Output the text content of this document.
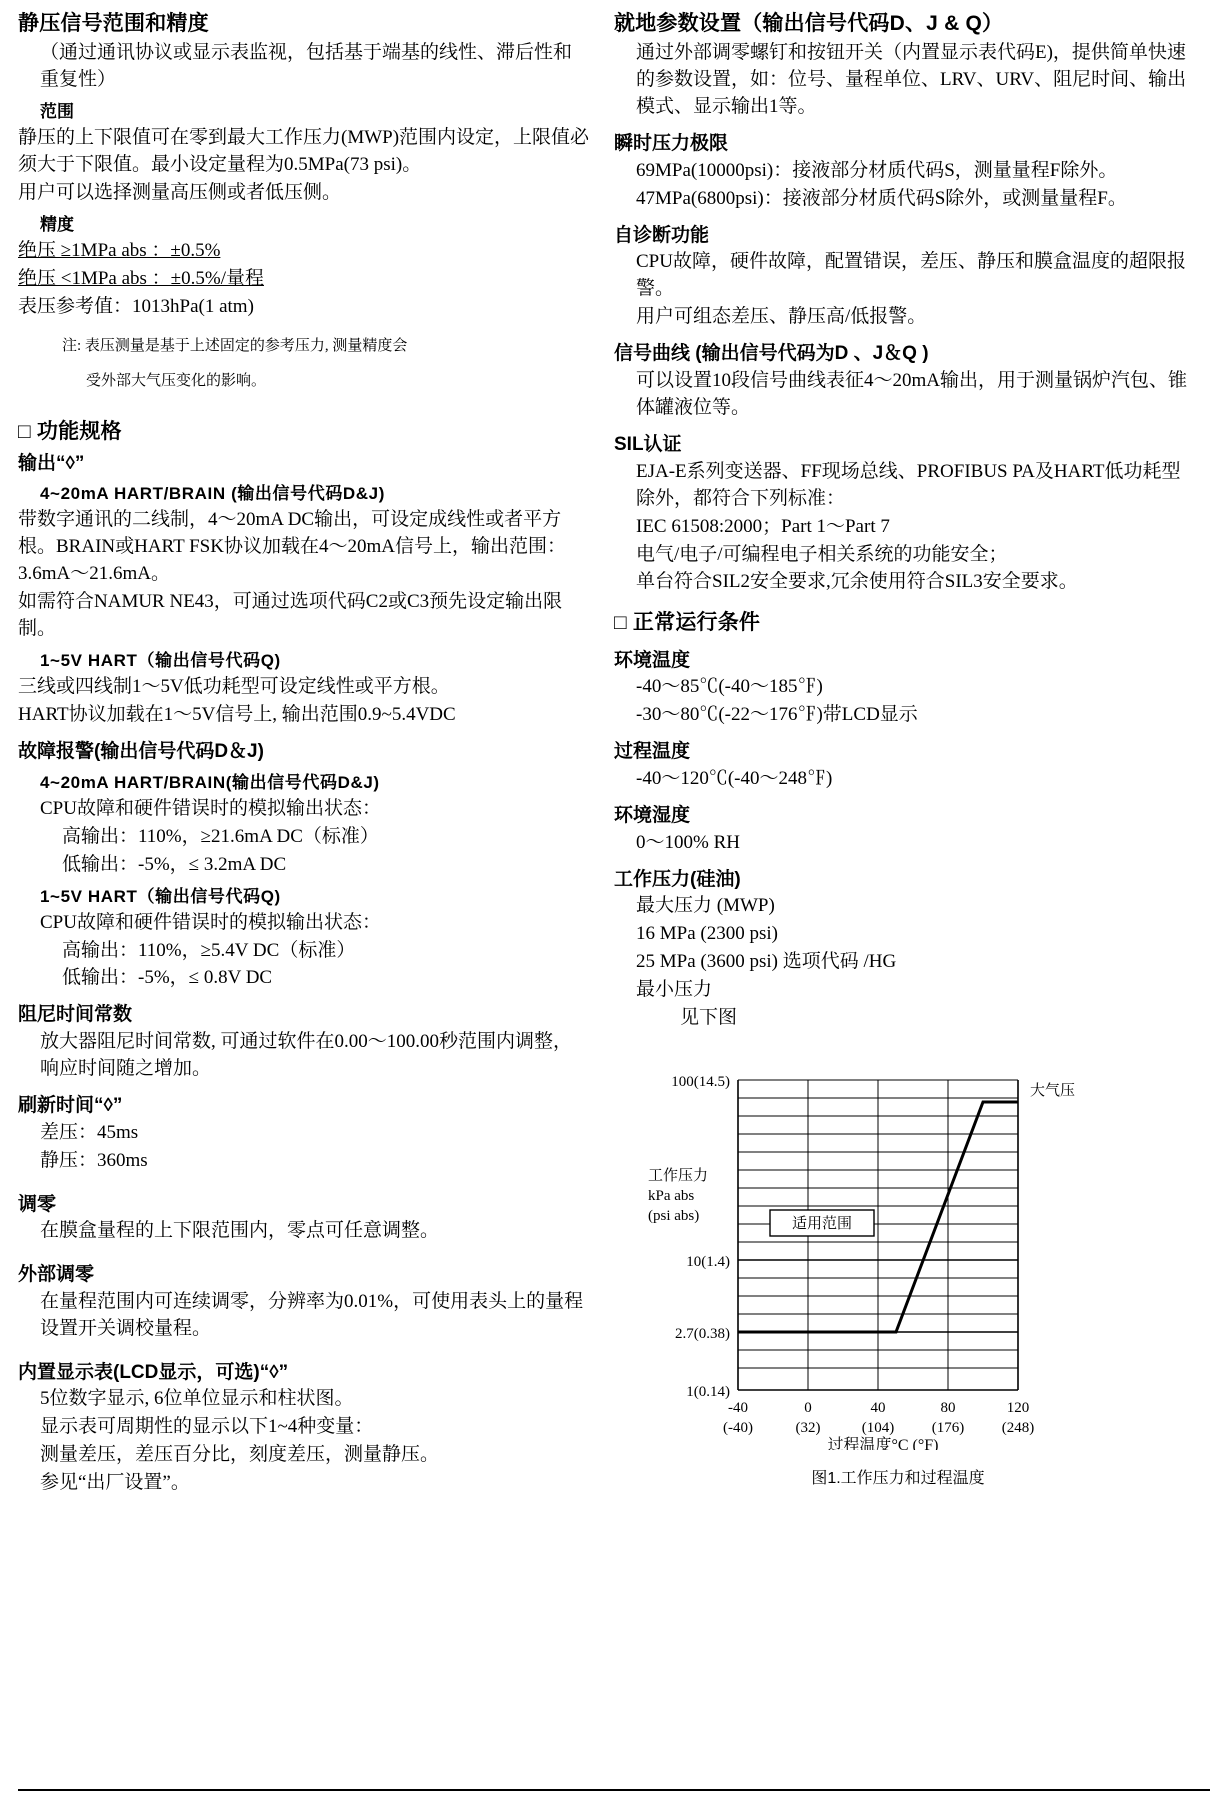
静压信号范围和精度

（通过通讯协议或显示表监视，包括基于端基的线性、滞后性和重复性）

范围

静压的上下限值可在零到最大工作压力(MWP)范围内设定，上限值必须大于下限值。最小设定量程为0.5MPa(73 psi)。

用户可以选择测量高压侧或者低压侧。

精度

绝压 ≥1MPa abs ：±0.5%

绝压 <1MPa abs ：±0.5%/量程

表压参考值：1013hPa(1 atm)

注: 表压测量是基于上述固定的参考压力, 测量精度会

受外部大气压变化的影响。

□ 功能规格
输出“◊”
4~20mA HART/BRAIN (输出信号代码D&J)

带数字通讯的二线制，4～20mA DC输出，可设定成线性或者平方根。BRAIN或HART FSK协议加载在4～20mA信号上，输出范围：3.6mA～21.6mA。

如需符合NAMUR NE43，可通过选项代码C2或C3预先设定输出限制。

1~5V HART（输出信号代码Q)

三线或四线制1～5V低功耗型可设定线性或平方根。

HART协议加载在1～5V信号上, 输出范围0.9~5.4VDC

故障报警(输出信号代码D＆J)
4~20mA HART/BRAIN(输出信号代码D&J)

CPU故障和硬件错误时的模拟输出状态：

高输出：110%，≥21.6mA DC（标准）

低输出：-5%，≤ 3.2mA DC

1~5V HART（输出信号代码Q)

CPU故障和硬件错误时的模拟输出状态：

高输出：110%，≥5.4V DC（标准）

低输出：-5%，≤ 0.8V DC

阻尼时间常数

放大器阻尼时间常数, 可通过软件在0.00～100.00秒范围内调整，响应时间随之增加。

刷新时间“◊”

差压：45ms

静压：360ms

调零

在膜盒量程的上下限范围内，零点可任意调整。

外部调零

在量程范围内可连续调零，分辨率为0.01%，可使用表头上的量程设置开关调校量程。

内置显示表(LCD显示，可选)“◊”

5位数字显示, 6位单位显示和柱状图。

显示表可周期性的显示以下1~4种变量：

测量差压，差压百分比，刻度差压，测量静压。

参见“出厂设置”。

就地参数设置（输出信号代码D、J & Q）

通过外部调零螺钉和按钮开关（内置显示表代码E)，提供简单快速的参数设置，如：位号、量程单位、LRV、URV、阻尼时间、输出模式、显示输出1等。

瞬时压力极限

69MPa(10000psi)：接液部分材质代码S，测量量程F除外。

47MPa(6800psi)：接液部分材质代码S除外，或测量量程F。

自诊断功能

CPU故障，硬件故障，配置错误，差压、静压和膜盒温度的超限报警。

用户可组态差压、静压高/低报警。

信号曲线 (输出信号代码为D 、J＆Q )

可以设置10段信号曲线表征4～20mA输出，用于测量锅炉汽包、锥体罐液位等。

SIL认证

EJA-E系列变送器、FF现场总线、PROFIBUS PA及HART低功耗型除外，都符合下列标准：

IEC 61508:2000；Part 1～Part 7

电气/电子/可编程电子相关系统的功能安全；

单台符合SIL2安全要求,冗余使用符合SIL3安全要求。

□ 正常运行条件
环境温度

-40～85℃(-40～185℉)

-30～80℃(-22～176℉)带LCD显示

过程温度

-40～120℃(-40～248℉)

环境湿度

0～100% RH

工作压力(硅油)

最大压力 (MWP)

16 MPa (2300 psi)

25 MPa (3600 psi) 选项代码 /HG

最小压力

见下图

适用范围
大气压
100(14.5)
10(1.4)
2.7(0.38)
1(0.14)
工作压力
kPa abs
(psi abs)
-40	0	40	80	120
(-40)	(32)	(104)	(176)	(248)
过程温度°C (°F)
图1.工作压力和过程温度
